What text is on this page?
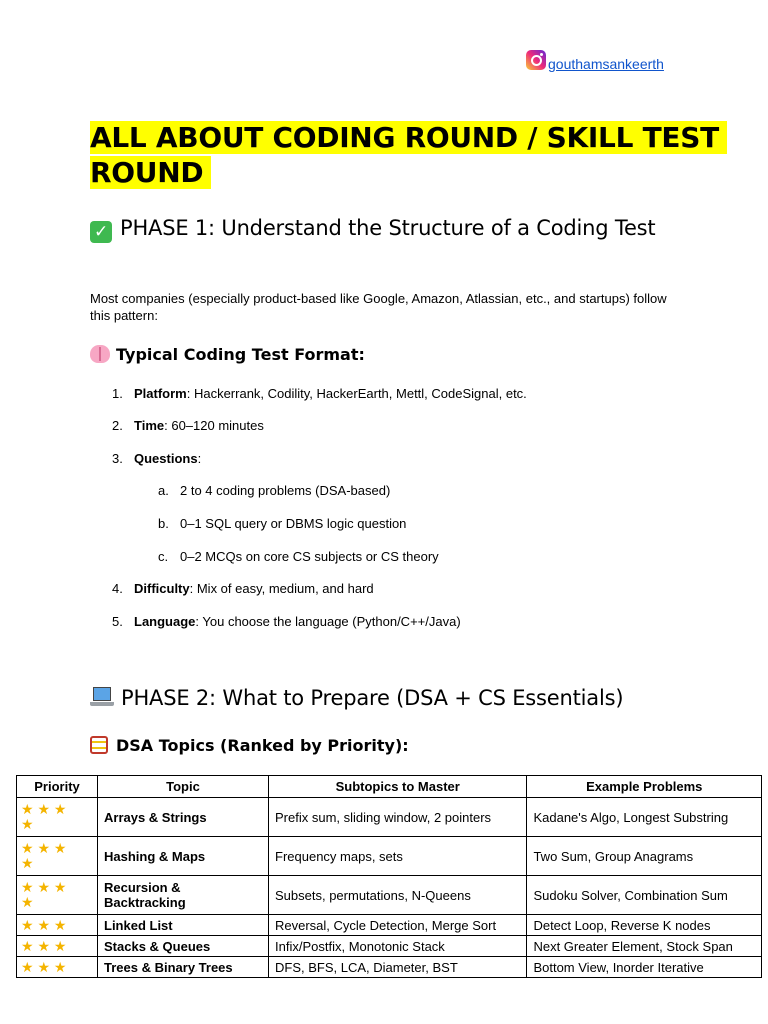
gouthamsankeerth
ALL ABOUT CODING ROUND / SKILL TEST
ROUND
✓ PHASE 1: Understand the Structure of a Coding Test

Most companies (especially product-based like Google, Amazon, Atlassian, etc., and startups) follow this pattern:

Typical Coding Test Format:

1. Platform: Hackerrank, Codility, HackerEarth, Mettl, CodeSignal, etc.

2. Time: 60–120 minutes

3. Questions:

a. 2 to 4 coding problems (DSA-based)

b. 0–1 SQL query or DBMS logic question

c. 0–2 MCQs on core CS subjects or CS theory

4. Difficulty: Mix of easy, medium, and hard

5. Language: You choose the language (Python/C++/Java)

PHASE 2: What to Prepare (DSA + CS Essentials)
DSA Topics (Ranked by Priority):
Priority	Topic	Subtopics to Master	Example Problems
★ ★ ★ ★	Arrays & Strings	Prefix sum, sliding window, 2 pointers	Kadane's Algo, Longest Substring
★ ★ ★ ★	Hashing & Maps	Frequency maps, sets	Two Sum, Group Anagrams
★ ★ ★ ★	Recursion & Backtracking	Subsets, permutations, N-Queens	Sudoku Solver, Combination Sum
★ ★ ★	Linked List	Reversal, Cycle Detection, Merge Sort	Detect Loop, Reverse K nodes
★ ★ ★	Stacks & Queues	Infix/Postfix, Monotonic Stack	Next Greater Element, Stock Span
★ ★ ★	Trees & Binary Trees	DFS, BFS, LCA, Diameter, BST	Bottom View, Inorder Iterative
